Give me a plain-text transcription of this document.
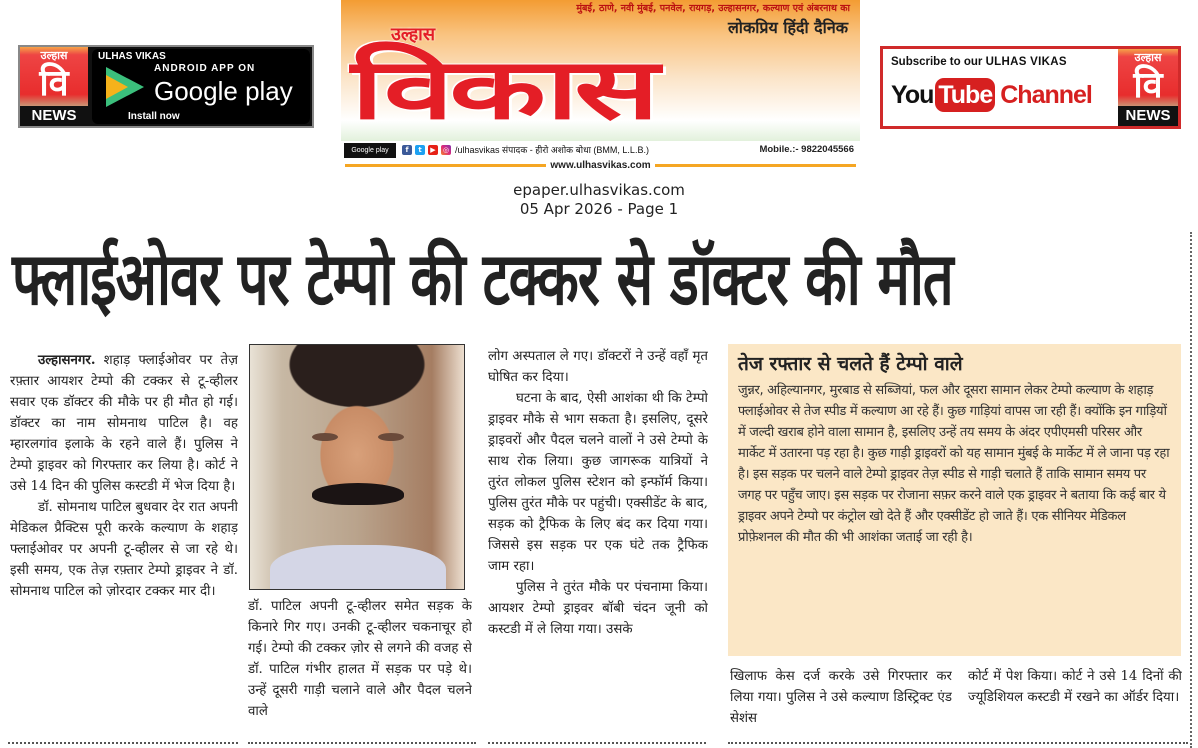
उल्हास
वि
NEWS
ULHAS VIKAS
ANDROID APP ON
Google play
Install now
मुंबई, ठाणे, नवी मुंबई, पनवेल, रायगड़, उल्हासनगर, कल्याण एवं अंबरनाथ का
लोकप्रिय हिंदी दैनिक
उल्हास
विकास
Google play	f	t	▶	◎ /ulhasvikas संपादक - हीरो अशोक बोधा (BMM, L.L.B.)	Mobile.:- 9822045566
www.ulhasvikas.com
Subscribe to our ULHAS VIKAS
You Tube Channel
उल्हास
वि
NEWS
epaper.ulhasvikas.com
05 Apr 2026 - Page 1
फ्लाईओवर पर टेम्पो की टक्कर से डॉक्टर की मौत

उल्हासनगर. शहाड़ फ्लाईओवर पर तेज़ रफ़्तार आयशर टेम्पो की टक्कर से टू-व्हीलर सवार एक डॉक्टर की मौके पर ही मौत हो गई। डॉक्टर का नाम सोमनाथ पाटिल है। वह म्हारलगांव इलाके के रहने वाले हैं। पुलिस ने टेम्पो ड्राइवर को गिरफ्तार कर लिया है। कोर्ट ने उसे 14 दिन की पुलिस कस्टडी में भेज दिया है।

डॉ. सोमनाथ पाटिल बुधवार देर रात अपनी मेडिकल प्रैक्टिस पूरी करके कल्याण के शहाड़ फ्लाईओवर पर अपनी टू-व्हीलर से जा रहे थे। इसी समय, एक तेज़ रफ़्तार टेम्पो ड्राइवर ने डॉ. सोमनाथ पाटिल को ज़ोरदार टक्कर मार दी।

डॉ. पाटिल अपनी टू-व्हीलर समेत सड़क के किनारे गिर गए। उनकी टू-व्हीलर चकनाचूर हो गई। टेम्पो की टक्कर ज़ोर से लगने की वजह से डॉ. पाटिल गंभीर हालत में सड़क पर पड़े थे। उन्हें दूसरी गाड़ी चलाने वाले और पैदल चलने वाले

लोग अस्पताल ले गए। डॉक्टरों ने उन्हें वहाँ मृत घोषित कर दिया।

घटना के बाद, ऐसी आशंका थी कि टेम्पो ड्राइवर मौके से भाग सकता है। इसलिए, दूसरे ड्राइवरों और पैदल चलने वालों ने उसे टेम्पो के साथ रोक लिया। कुछ जागरूक यात्रियों ने तुरंत लोकल पुलिस स्टेशन को इन्फॉर्म किया। पुलिस तुरंत मौके पर पहुंची। एक्सीडेंट के बाद, सड़क को ट्रैफिक के लिए बंद कर दिया गया। जिससे इस सड़क पर एक घंटे तक ट्रैफिक जाम रहा।

पुलिस ने तुरंत मौके पर पंचनामा किया। आयशर टेम्पो ड्राइवर बॉबी चंदन जूनी को कस्टडी में ले लिया गया। उसके

तेज रफ्तार से चलते हैं टेम्पो वाले

जुन्नर, अहिल्यानगर, मुरबाड से सब्जियां, फल और दूसरा सामान लेकर टेम्पो कल्याण के शहाड़ फ्लाईओवर से तेज स्पीड में कल्याण आ रहे हैं। कुछ गाड़ियां वापस जा रही हैं। क्योंकि इन गाड़ियों में जल्दी खराब होने वाला सामान है, इसलिए उन्हें तय समय के अंदर एपीएमसी परिसर और मार्केट में उतारना पड़ रहा है। कुछ गाड़ी ड्राइवरों को यह सामान मुंबई के मार्केट में ले जाना पड़ रहा है। इस सड़क पर चलने वाले टेम्पो ड्राइवर तेज़ स्पीड से गाड़ी चलाते हैं ताकि सामान समय पर जगह पर पहुँच जाए। इस सड़क पर रोजाना सफ़र करने वाले एक ड्राइवर ने बताया कि कई बार ये ड्राइवर अपने टेम्पो पर कंट्रोल खो देते हैं और एक्सीडेंट हो जाते हैं। एक सीनियर मेडिकल प्रोफ़ेशनल की मौत की भी आशंका जताई जा रही है।

खिलाफ केस दर्ज करके उसे गिरफ्तार कर लिया गया। पुलिस ने उसे कल्याण डिस्ट्रिक्ट एंड सेशंस

कोर्ट में पेश किया। कोर्ट ने उसे 14 दिनों की ज्यूडिशियल कस्टडी में रखने का ऑर्डर दिया।
